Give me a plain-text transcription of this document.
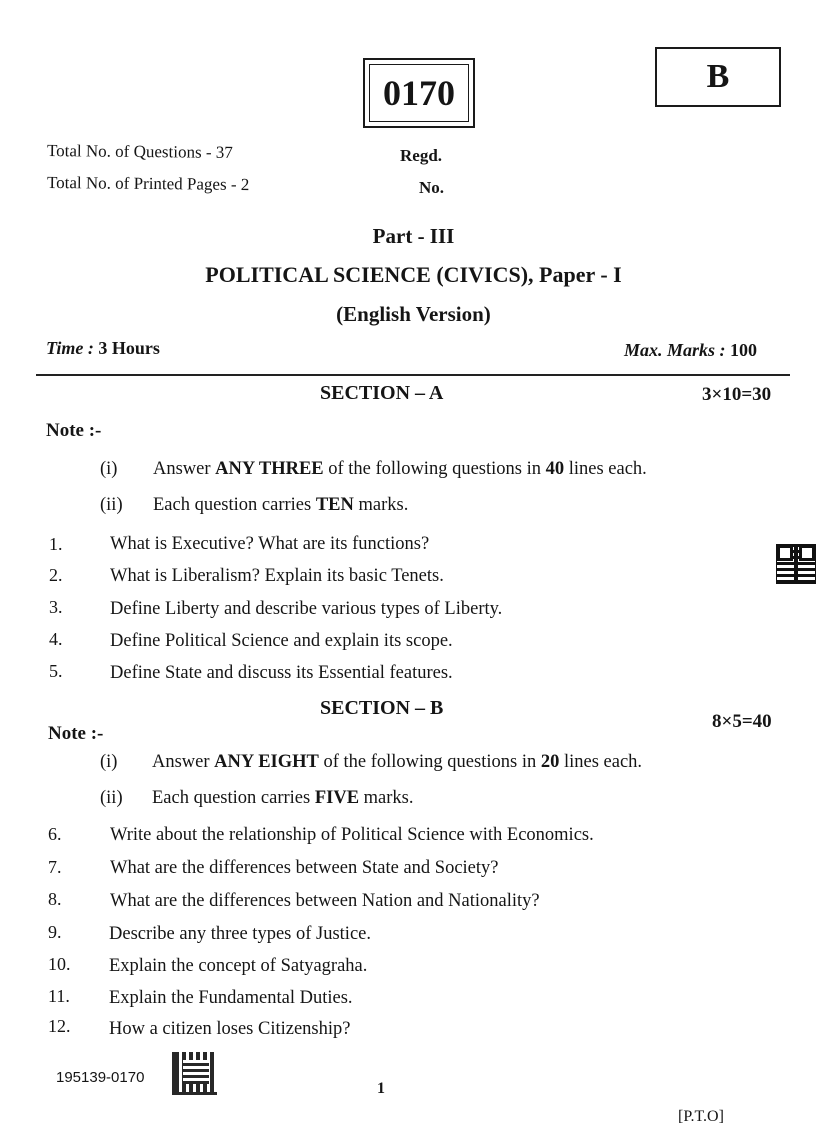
0170	B
Total No. of Questions - 37
Total No. of Printed Pages - 2
Regd.
No.
Part - III
POLITICAL SCIENCE (CIVICS), Paper - I
(English Version)
Time : 3 Hours	Max. Marks : 100
SECTION – A	3×10=30
Note :-
(i) Answer ANY THREE of the following questions in 40 lines each.
(ii) Each question carries TEN marks.
1.	What is Executive? What are its functions?
2.	What is Liberalism? Explain its basic Tenets.
3.	Define Liberty and describe various types of Liberty.
4.	Define Political Science and explain its scope.
5.	Define State and discuss its Essential features.
SECTION – B
8×5=40
Note :-
(i) Answer ANY EIGHT of the following questions in 20 lines each.
(ii) Each question carries FIVE marks.
6.	Write about the relationship of Political Science with Economics.
7.	What are the differences between State and Society?
8.	What are the differences between Nation and Nationality?
9.	Describe any three types of Justice.
10. Explain the concept of Satyagraha.
11. Explain the Fundamental Duties.
12. How a citizen loses Citizenship?
195139-0170
1
[P.T.O]
